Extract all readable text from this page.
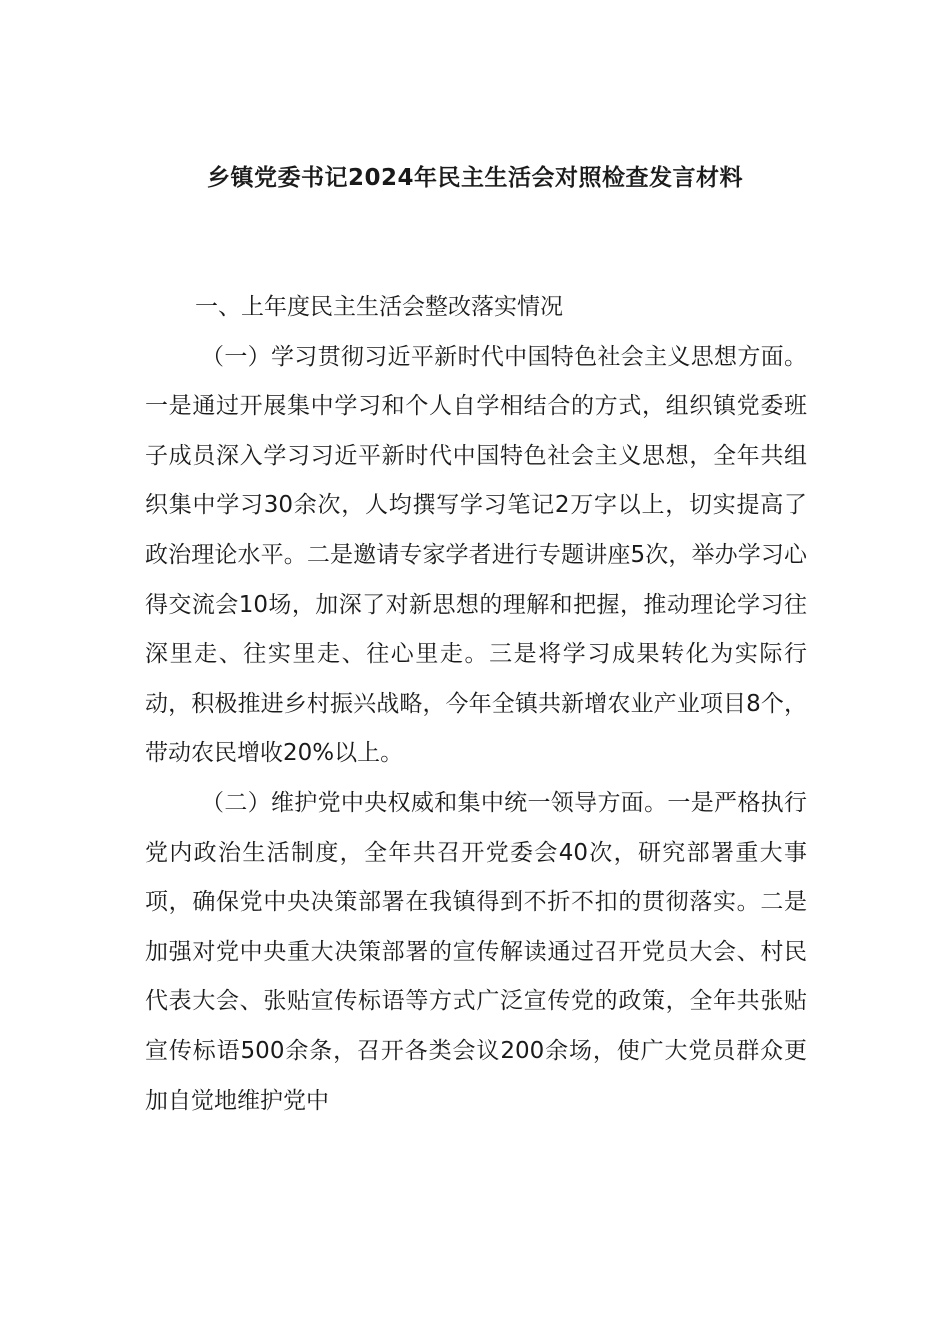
乡镇党委书记2024年民主生活会对照检查发言材料

一、上年度民主生活会整改落实情况

（一）学习贯彻习近平新时代中国特色社会主义思想方面。一是通过开展集中学习和个人自学相结合的方式，组织镇党委班子成员深入学习习近平新时代中国特色社会主义思想，全年共组织集中学习30余次，人均撰写学习笔记2万字以上，切实提高了政治理论水平。二是邀请专家学者进行专题讲座5次，举办学习心得交流会10场，加深了对新思想的理解和把握，推动理论学习往深里走、往实里走、往心里走。三是将学习成果转化为实际行动，积极推进乡村振兴战略，今年全镇共新增农业产业项目8个，带动农民增收20%以上。

（二）维护党中央权威和集中统一领导方面。一是严格执行党内政治生活制度，全年共召开党委会40次，研究部署重大事项，确保党中央决策部署在我镇得到不折不扣的贯彻落实。二是加强对党中央重大决策部署的宣传解读通过召开党员大会、村民代表大会、张贴宣传标语等方式广泛宣传党的政策，全年共张贴宣传标语500余条，召开各类会议200余场，使广大党员群众更加自觉地维护党中
